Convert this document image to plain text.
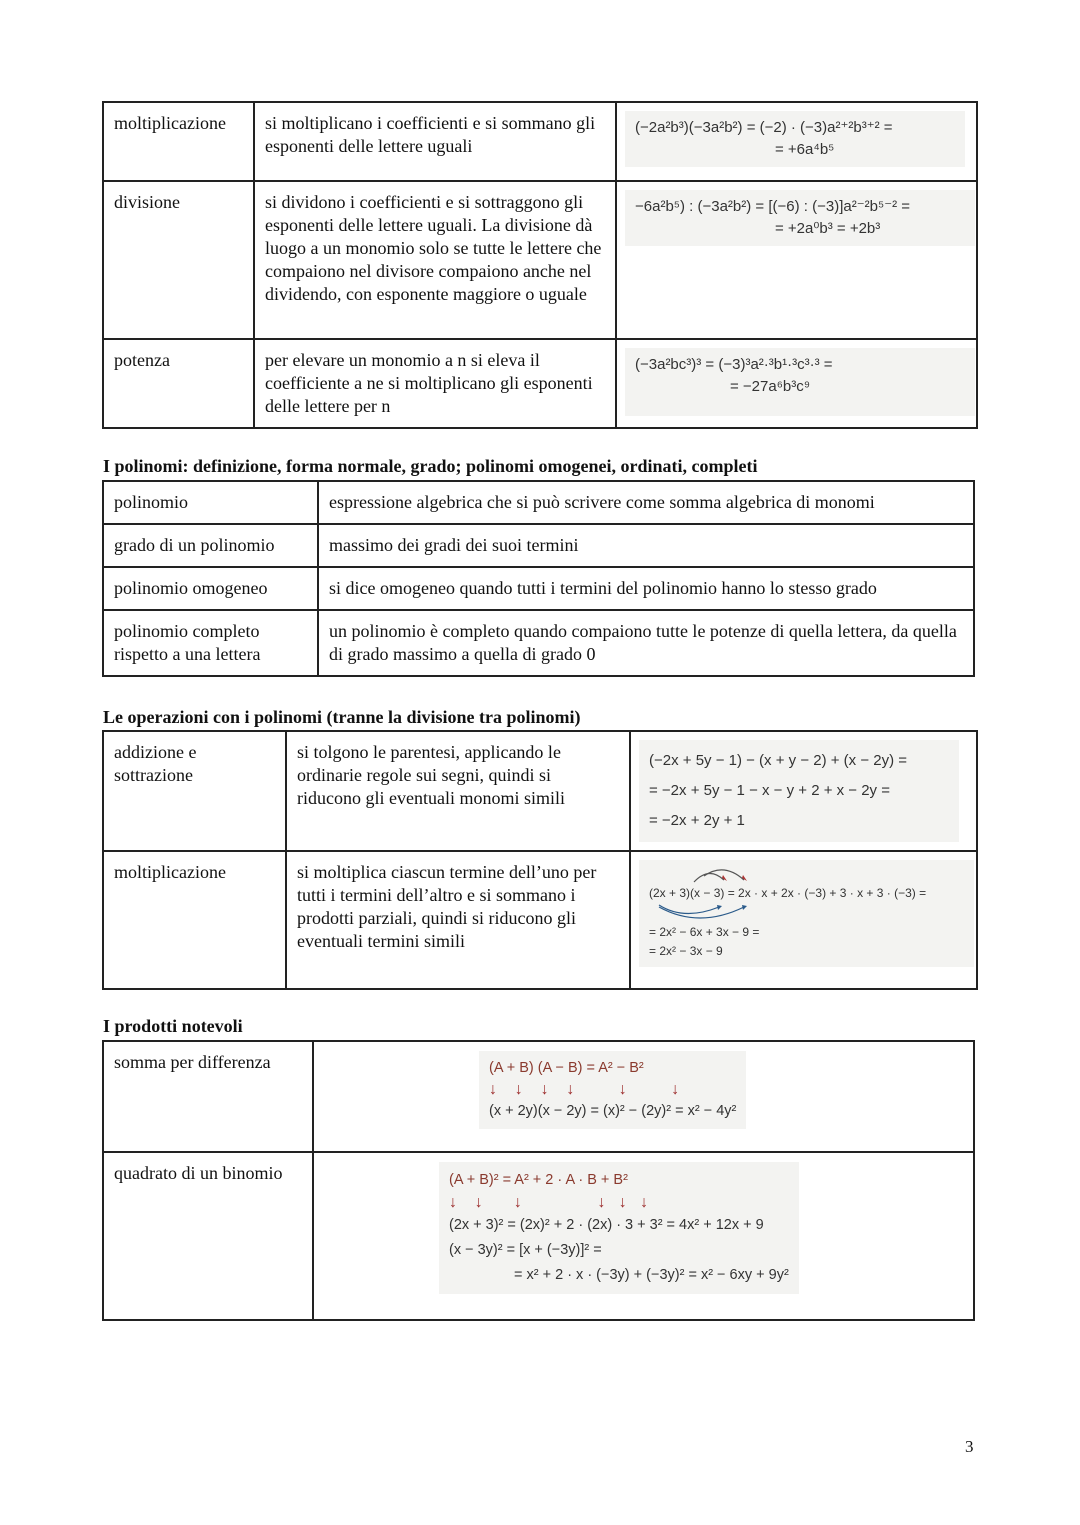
moltiplicazione	si moltiplicano i coefficienti e si sommano gli esponenti delle lettere uguali	(−2a²b³)(−3a²b²) = (−2) · (−3)a²⁺²b³⁺² =
= +6a⁴b⁵

divisione	si dividono i coefficienti e si sottraggono gli esponenti delle lettere uguali. La divisione dà luogo a un monomio solo se tutte le lettere che compaiono nel divisore compaiono anche nel dividendo, con esponente maggiore o uguale	−6a²b⁵) : (−3a²b²) = [(−6) : (−3)]a²⁻²b⁵⁻² =
= +2a⁰b³ = +2b³

potenza	per elevare un monomio a n si eleva il coefficiente a ne si moltiplicano gli esponenti delle lettere per n	(−3a²bc³)³ = (−3)³a²·³b¹·³c³·³ =
= −27a⁶b³c⁹
I polinomi: definizione, forma normale, grado; polinomi omogenei, ordinati, completi
polinomio	espressione algebrica che si può scrivere come somma algebrica di monomi
grado di un polinomio	massimo dei gradi dei suoi termini
polinomio omogeneo	si dice omogeneo quando tutti i termini del polinomio hanno lo stesso grado
polinomio completo rispetto a una lettera	un polinomio è completo quando compaiono tutte le potenze di quella lettera, da quella di grado massimo a quella di grado 0
Le operazioni con i polinomi (tranne la divisione tra polinomi)
addizione e sottrazione	si tolgono le parentesi, applicando le ordinarie regole sui segni, quindi si riducono gli eventuali monomi simili	(−2x + 5y − 1) − (x + y − 2) + (x − 2y) =
= −2x + 5y − 1 − x − y + 2 + x − 2y =
= −2x + 2y + 1

moltiplicazione	si moltiplica ciascun termine dell’uno per tutti i termini dell’altro e si sommano i prodotti parziali, quindi si riducono gli eventuali termini simili	(2x + 3)(x − 3) = 2x · x + 2x · (−3) + 3 · x + 3 · (−3) =
= 2x² − 6x + 3x − 9 =
= 2x² − 3x − 9
I prodotti notevoli
somma per differenza	(A + B) (A − B) = A² − B²
↓    ↓    ↓    ↓          ↓          ↓
(x + 2y)(x − 2y) = (x)² − (2y)² = x² − 4y²

quadrato di un binomio	(A + B)² = A² + 2 · A · B + B²
↓    ↓       ↓                 ↓   ↓   ↓
(2x + 3)² = (2x)² + 2 · (2x) · 3 + 3² = 4x² + 12x + 9
(x − 3y)² = [x + (−3y)]² =
= x² + 2 · x · (−3y) + (−3y)² = x² − 6xy + 9y²
3
